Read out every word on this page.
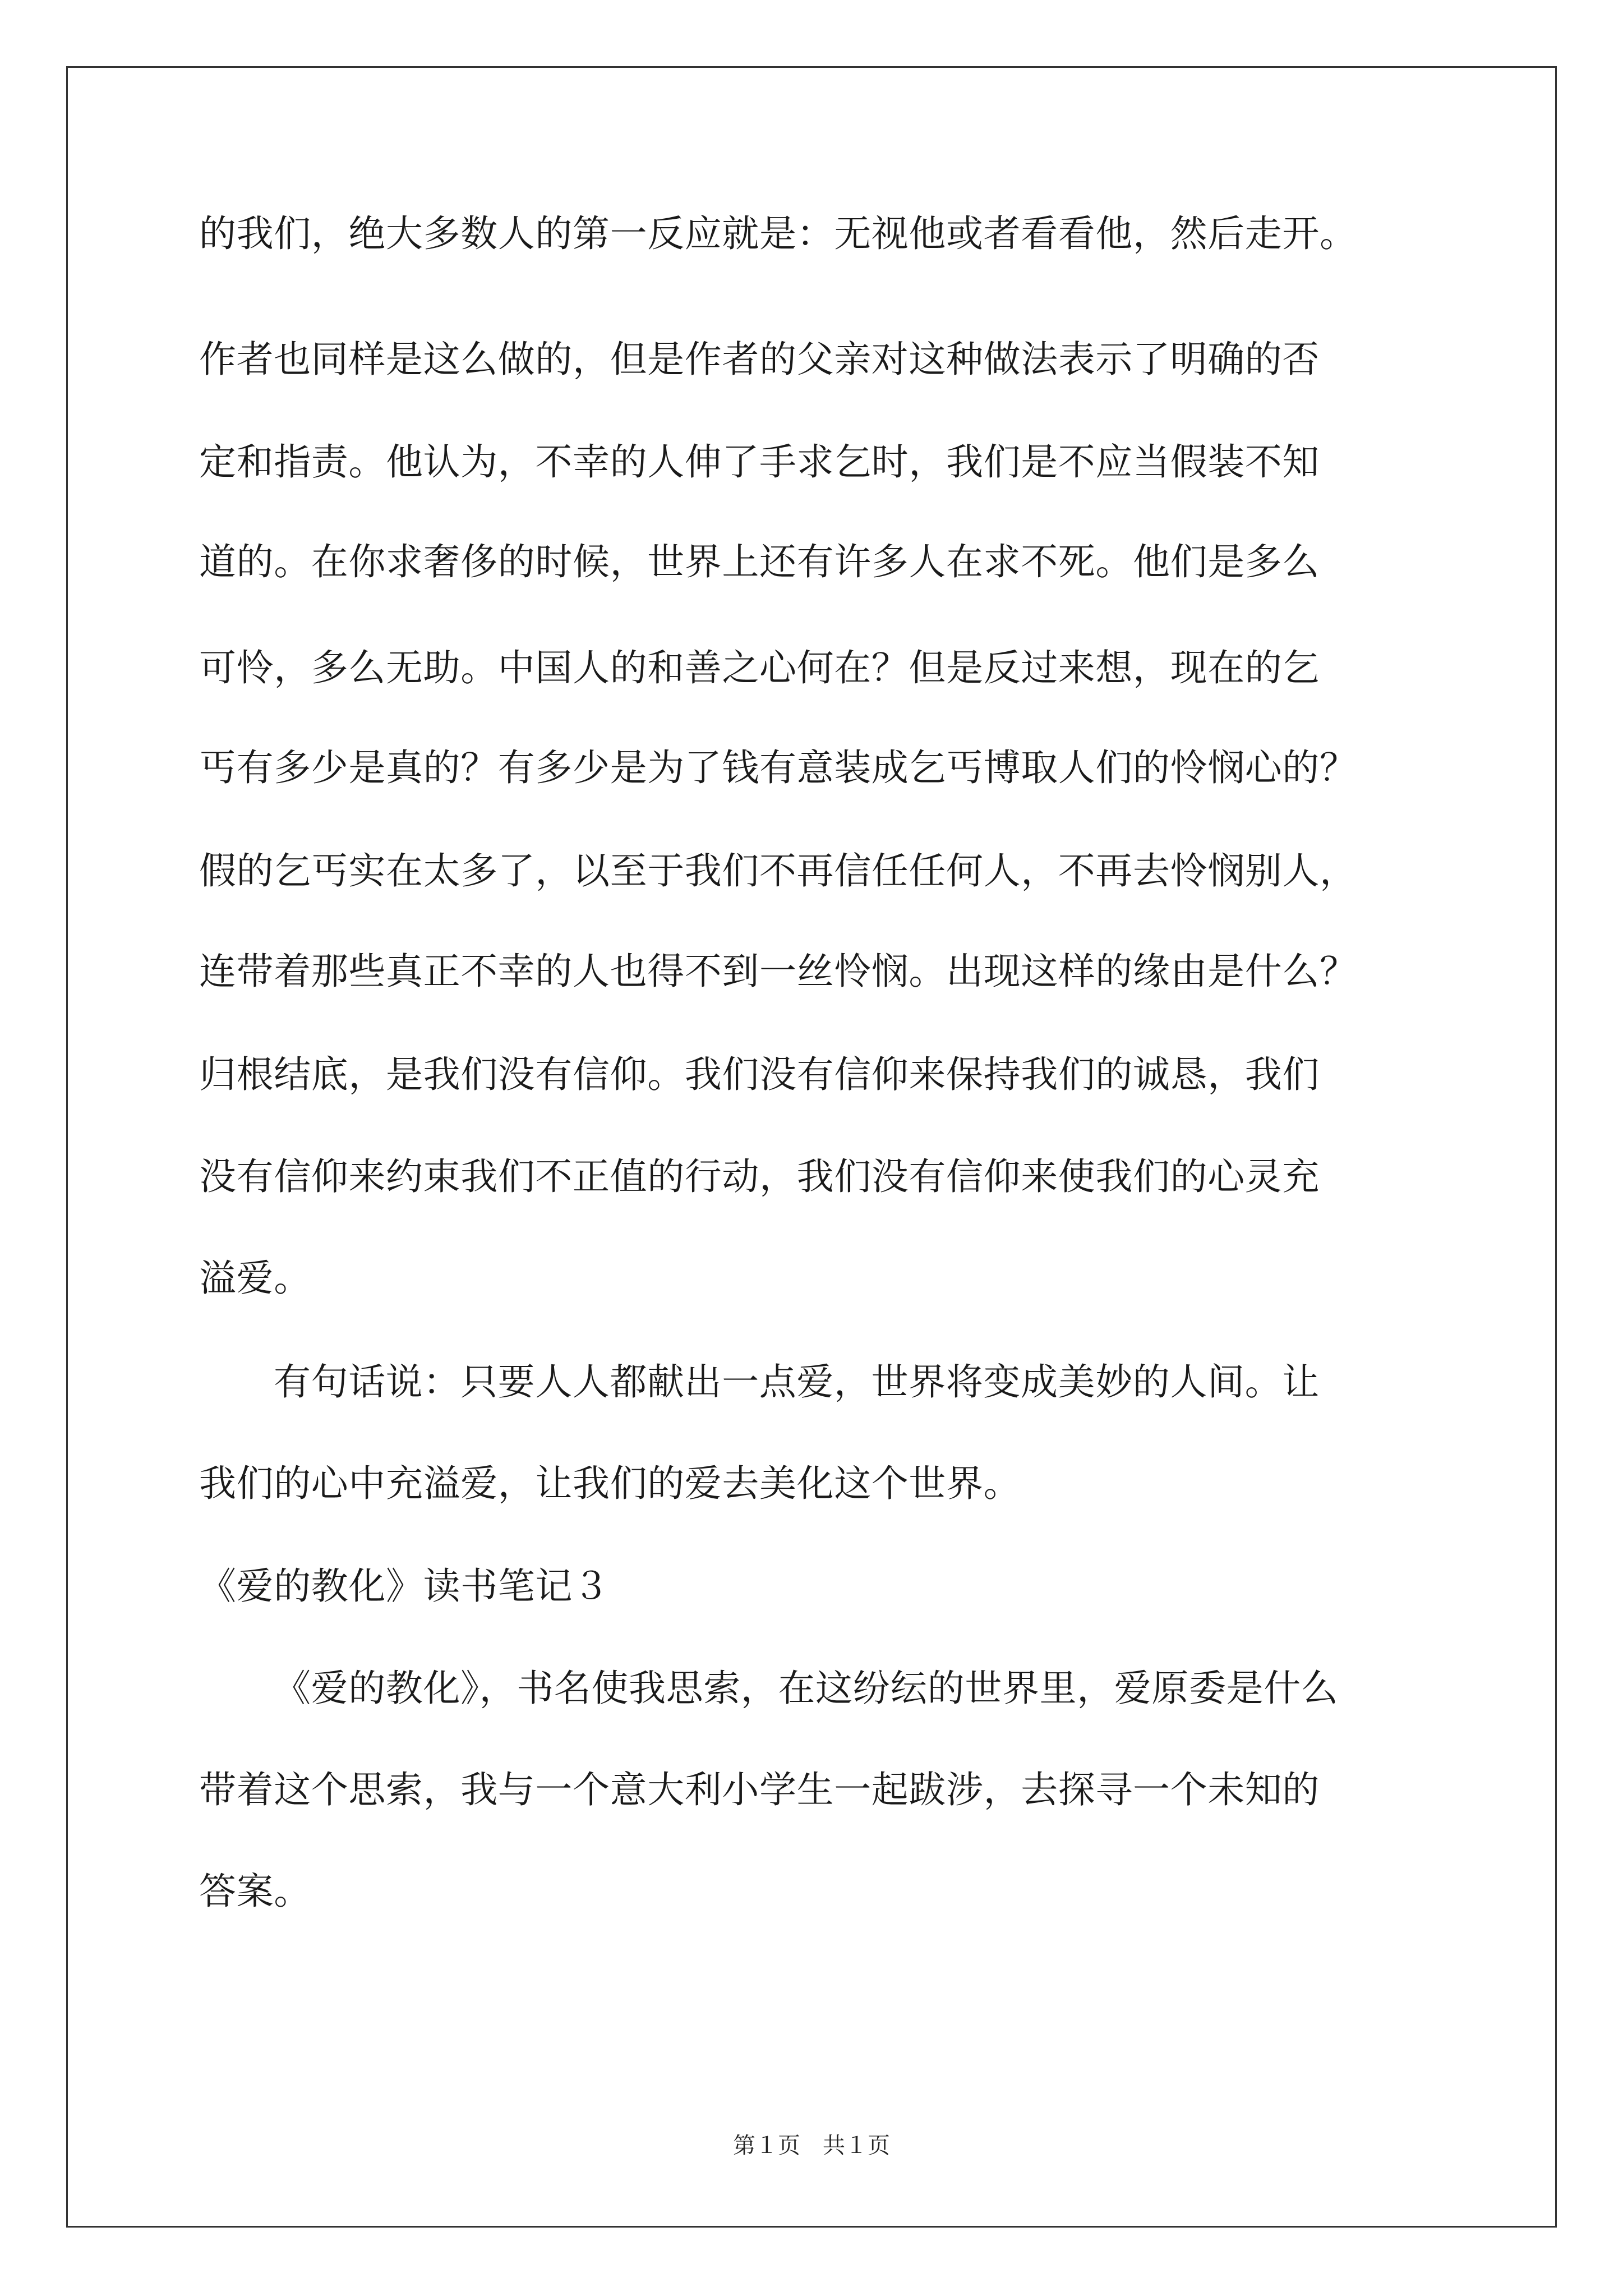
的我们，绝大多数人的第一反应就是：无视他或者看看他，然后走开。
作者也同样是这么做的，但是作者的父亲对这种做法表示了明确的否
定和指责。他认为，不幸的人伸了手求乞时，我们是不应当假装不知
道的。在你求奢侈的时候，世界上还有许多人在求不死。他们是多么
可怜，多么无助。中国人的和善之心何在？但是反过来想，现在的乞
丐有多少是真的？有多少是为了钱有意装成乞丐博取人们的怜悯心的？
假的乞丐实在太多了，以至于我们不再信任任何人，不再去怜悯别人，
连带着那些真正不幸的人也得不到一丝怜悯。出现这样的缘由是什么？
归根结底，是我们没有信仰。我们没有信仰来保持我们的诚恳，我们
没有信仰来约束我们不正值的行动，我们没有信仰来使我们的心灵充
溢爱。
有句话说：只要人人都献出一点爱，世界将变成美妙的人间。让
我们的心中充溢爱，让我们的爱去美化这个世界。
《爱的教化》读书笔记３
《爱的教化》，书名使我思索，在这纷纭的世界里，爱原委是什么
带着这个思索，我与一个意大利小学生一起跋涉，去探寻一个未知的
答案。
第１页　共１页
